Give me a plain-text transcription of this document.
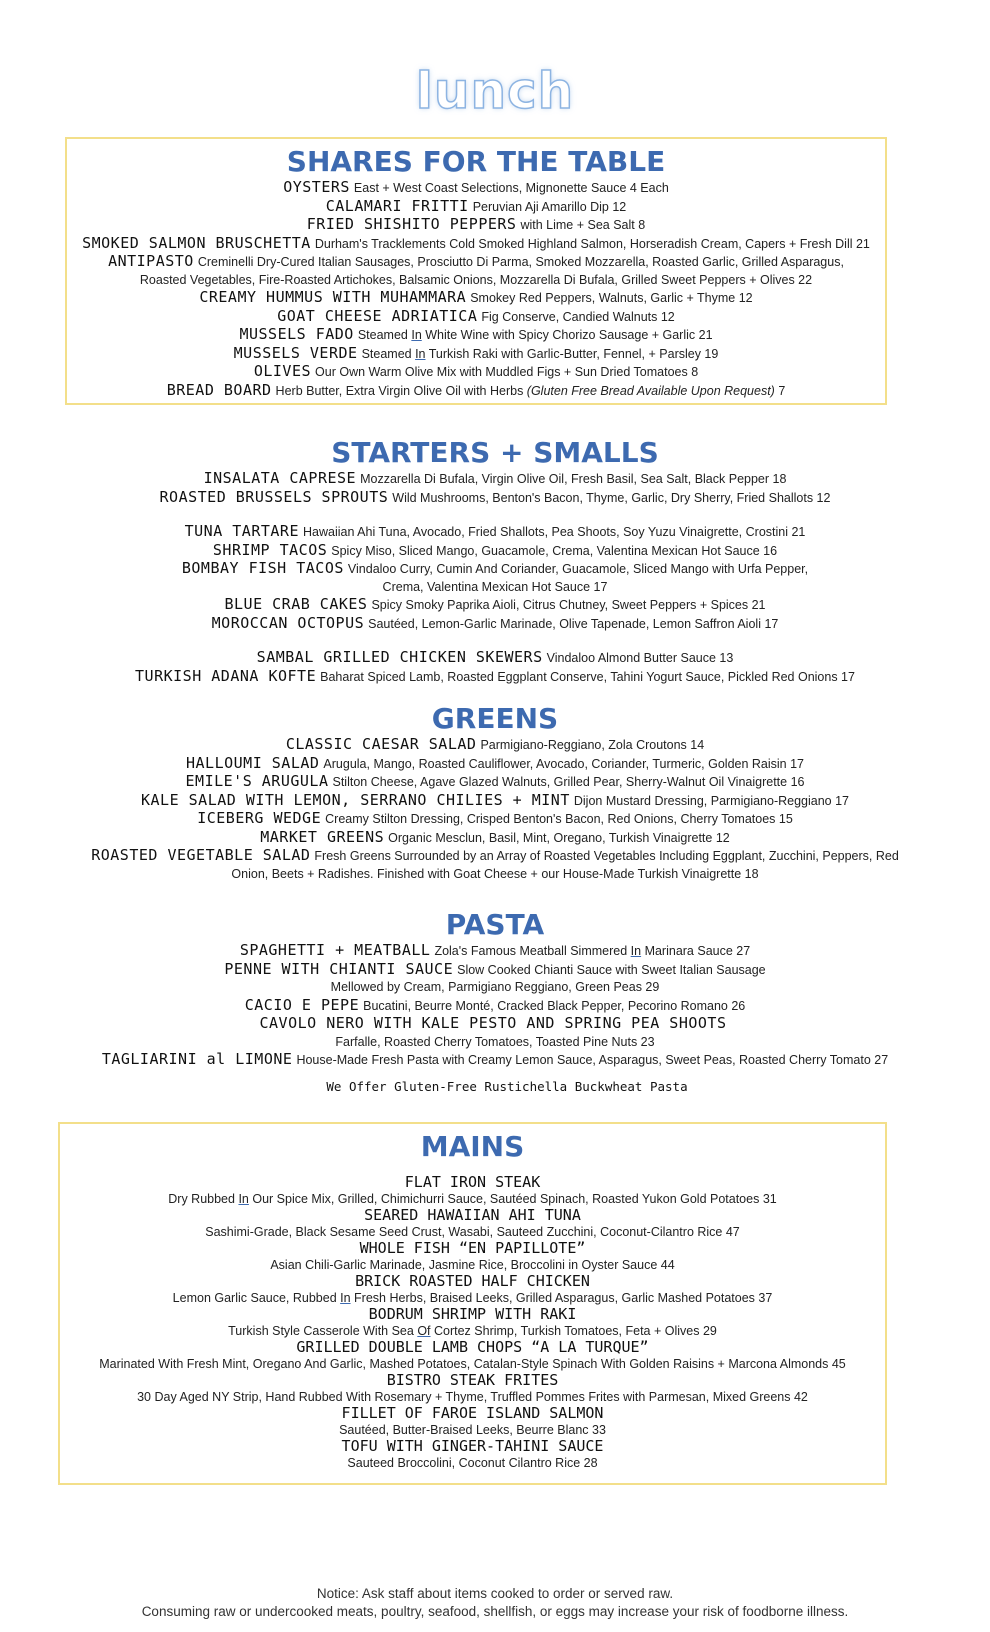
lunch
SHARES FOR THE TABLE
OYSTERS East + West Coast Selections, Mignonette Sauce 4 Each
CALAMARI FRITTI Peruvian Aji Amarillo Dip 12
FRIED SHISHITO PEPPERS with Lime + Sea Salt 8
SMOKED SALMON BRUSCHETTA Durham's Tracklements Cold Smoked Highland Salmon, Horseradish Cream, Capers + Fresh Dill 21
ANTIPASTO Creminelli Dry-Cured Italian Sausages, Prosciutto Di Parma, Smoked Mozzarella, Roasted Garlic, Grilled Asparagus,
Roasted Vegetables, Fire-Roasted Artichokes, Balsamic Onions, Mozzarella Di Bufala, Grilled Sweet Peppers + Olives 22
CREAMY HUMMUS WITH MUHAMMARA Smokey Red Peppers, Walnuts, Garlic + Thyme 12
GOAT CHEESE ADRIATICA Fig Conserve, Candied Walnuts 12
MUSSELS FADO Steamed In White Wine with Spicy Chorizo Sausage + Garlic 21
MUSSELS VERDE Steamed In Turkish Raki with Garlic-Butter, Fennel, + Parsley 19
OLIVES Our Own Warm Olive Mix with Muddled Figs + Sun Dried Tomatoes 8
BREAD BOARD Herb Butter, Extra Virgin Olive Oil with Herbs (Gluten Free Bread Available Upon Request) 7
STARTERS + SMALLS
INSALATA CAPRESE Mozzarella Di Bufala, Virgin Olive Oil, Fresh Basil, Sea Salt, Black Pepper 18
ROASTED BRUSSELS SPROUTS Wild Mushrooms, Benton's Bacon, Thyme, Garlic, Dry Sherry, Fried Shallots 12
TUNA TARTARE Hawaiian Ahi Tuna, Avocado, Fried Shallots, Pea Shoots, Soy Yuzu Vinaigrette, Crostini 21
SHRIMP TACOS Spicy Miso, Sliced Mango, Guacamole, Crema, Valentina Mexican Hot Sauce 16
BOMBAY FISH TACOS Vindaloo Curry, Cumin And Coriander, Guacamole, Sliced Mango with Urfa Pepper,
Crema, Valentina Mexican Hot Sauce 17
BLUE CRAB CAKES Spicy Smoky Paprika Aioli, Citrus Chutney, Sweet Peppers + Spices 21
MOROCCAN OCTOPUS Sautéed, Lemon-Garlic Marinade, Olive Tapenade, Lemon Saffron Aioli 17
SAMBAL GRILLED CHICKEN SKEWERS Vindaloo Almond Butter Sauce 13
TURKISH ADANA KOFTE Baharat Spiced Lamb, Roasted Eggplant Conserve, Tahini Yogurt Sauce, Pickled Red Onions 17
GREENS
CLASSIC CAESAR SALAD Parmigiano-Reggiano, Zola Croutons 14
HALLOUMI SALAD Arugula, Mango, Roasted Cauliflower, Avocado, Coriander, Turmeric, Golden Raisin 17
EMILE'S ARUGULA Stilton Cheese, Agave Glazed Walnuts, Grilled Pear, Sherry-Walnut Oil Vinaigrette 16
KALE SALAD WITH LEMON, SERRANO CHILIES + MINT Dijon Mustard Dressing, Parmigiano-Reggiano 17
ICEBERG WEDGE Creamy Stilton Dressing, Crisped Benton's Bacon, Red Onions, Cherry Tomatoes 15
MARKET GREENS Organic Mesclun, Basil, Mint, Oregano, Turkish Vinaigrette 12
ROASTED VEGETABLE SALAD Fresh Greens Surrounded by an Array of Roasted Vegetables Including Eggplant, Zucchini, Peppers, Red
Onion, Beets + Radishes. Finished with Goat Cheese + our House-Made Turkish Vinaigrette 18
PASTA
SPAGHETTI + MEATBALL Zola's Famous Meatball Simmered In Marinara Sauce 27
PENNE WITH CHIANTI SAUCE Slow Cooked Chianti Sauce with Sweet Italian Sausage
Mellowed by Cream, Parmigiano Reggiano, Green Peas 29
CACIO E PEPE Bucatini, Beurre Monté, Cracked Black Pepper, Pecorino Romano 26
CAVOLO NERO WITH KALE PESTO AND SPRING PEA SHOOTS
Farfalle, Roasted Cherry Tomatoes, Toasted Pine Nuts 23
TAGLIARINI al LIMONE House-Made Fresh Pasta with Creamy Lemon Sauce, Asparagus, Sweet Peas, Roasted Cherry Tomato 27
We Offer Gluten-Free Rustichella Buckwheat Pasta
MAINS
FLAT IRON STEAK
Dry Rubbed In Our Spice Mix, Grilled, Chimichurri Sauce, Sautéed Spinach, Roasted Yukon Gold Potatoes 31
SEARED HAWAIIAN AHI TUNA
Sashimi-Grade, Black Sesame Seed Crust, Wasabi, Sauteed Zucchini, Coconut-Cilantro Rice 47
WHOLE FISH “EN PAPILLOTE”
Asian Chili-Garlic Marinade, Jasmine Rice, Broccolini in Oyster Sauce 44
BRICK ROASTED HALF CHICKEN
Lemon Garlic Sauce, Rubbed In Fresh Herbs, Braised Leeks, Grilled Asparagus, Garlic Mashed Potatoes 37
BODRUM SHRIMP WITH RAKI
Turkish Style Casserole With Sea Of Cortez Shrimp, Turkish Tomatoes, Feta + Olives 29
GRILLED DOUBLE LAMB CHOPS “A LA TURQUE”
Marinated With Fresh Mint, Oregano And Garlic, Mashed Potatoes, Catalan-Style Spinach With Golden Raisins + Marcona Almonds 45
BISTRO STEAK FRITES
30 Day Aged NY Strip, Hand Rubbed With Rosemary + Thyme, Truffled Pommes Frites with Parmesan, Mixed Greens 42
FILLET OF FAROE ISLAND SALMON
Sautéed, Butter-Braised Leeks, Beurre Blanc 33
TOFU WITH GINGER-TAHINI SAUCE
Sauteed Broccolini, Coconut Cilantro Rice 28
Notice: Ask staff about items cooked to order or served raw.
Consuming raw or undercooked meats, poultry, seafood, shellfish, or eggs may increase your risk of foodborne illness.
